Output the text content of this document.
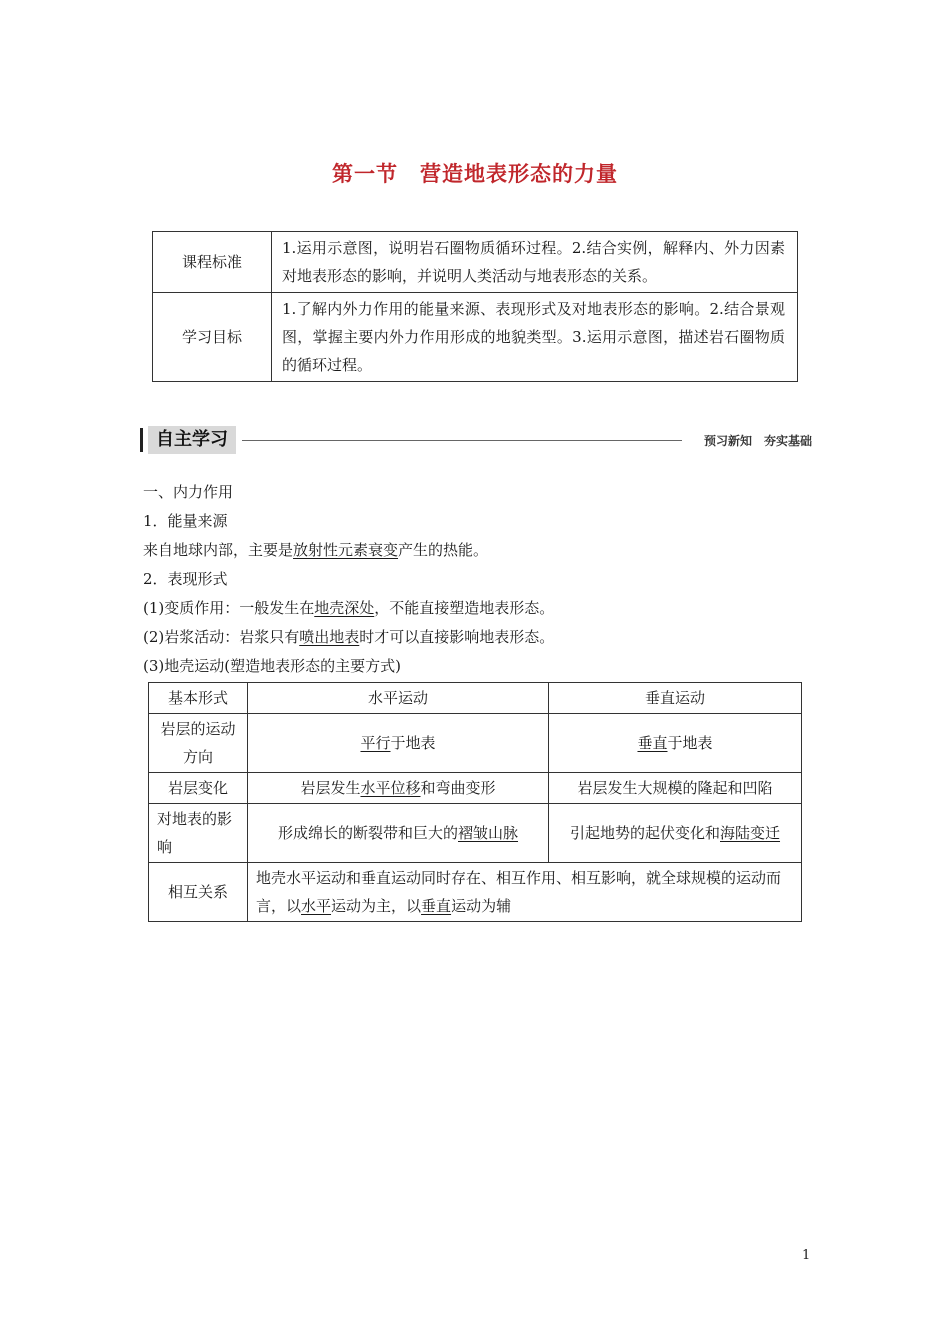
第一节　营造地表形态的力量
课程标准	1.运用示意图，说明岩石圈物质循环过程。2.结合实例，解释内、外力因素对地表形态的影响，并说明人类活动与地表形态的关系。
学习目标	1.了解内外力作用的能量来源、表现形式及对地表形态的影响。2.结合景观图，掌握主要内外力作用形成的地貌类型。3.运用示意图，描述岩石圈物质的循环过程。
自主学习	预习新知　夯实基础

一、内力作用

1．能量来源

来自地球内部，主要是放射性元素衰变产生的热能。

2．表现形式

(1)变质作用：一般发生在地壳深处，不能直接塑造地表形态。

(2)岩浆活动：岩浆只有喷出地表时才可以直接影响地表形态。

(3)地壳运动(塑造地表形态的主要方式)

基本形式	水平运动	垂直运动
岩层的运动方向	平行于地表	垂直于地表
岩层变化	岩层发生水平位移和弯曲变形	岩层发生大规模的隆起和凹陷
对地表的影响	形成绵长的断裂带和巨大的褶皱山脉	引起地势的起伏变化和海陆变迁
相互关系	地壳水平运动和垂直运动同时存在、相互作用、相互影响，就全球规模的运动而言，以水平运动为主，以垂直运动为辅	
1
